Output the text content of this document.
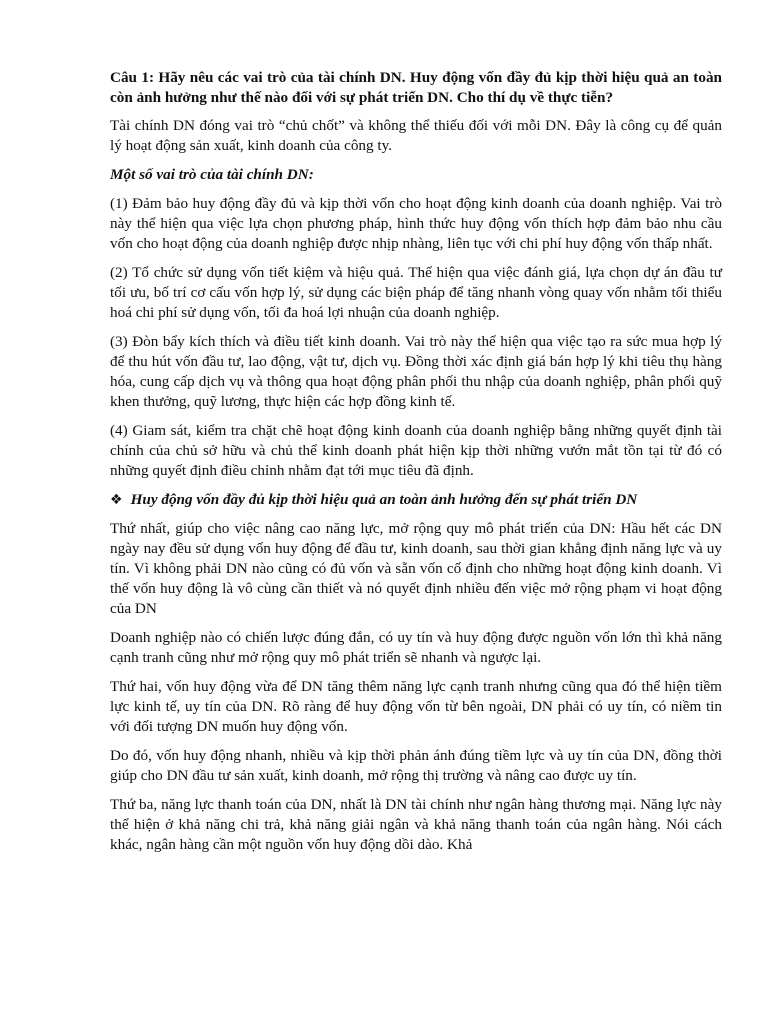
Câu 1: Hãy nêu các vai trò của tài chính DN. Huy động vốn đầy đủ kịp thời hiệu quả an toàn còn ảnh hưởng như thế nào đối với sự phát triển DN. Cho thí dụ về thực tiễn?

Tài chính DN đóng vai trò “chủ chốt” và không thể thiếu đối với mỗi DN. Đây là công cụ để quản lý hoạt động sản xuất, kinh doanh của công ty.

Một số vai trò của tài chính DN:

(1) Đảm bảo huy động đầy đủ và kịp thời vốn cho hoạt động kinh doanh của doanh nghiệp. Vai trò này thể hiện qua việc lựa chọn phương pháp, hình thức huy động vốn thích hợp đảm bảo nhu cầu vốn cho hoạt động của doanh nghiệp được nhịp nhàng, liên tục với chi phí huy động vốn thấp nhất.

(2) Tổ chức sử dụng vốn tiết kiệm và hiệu quả. Thể hiện qua việc đánh giá, lựa chọn dự án đầu tư tối ưu, bố trí cơ cấu vốn hợp lý, sử dụng các biện pháp để tăng nhanh vòng quay vốn nhằm tối thiểu hoá chi phí sử dụng vốn, tối đa hoá lợi nhuận của doanh nghiệp.

(3) Đòn bẩy kích thích và điều tiết kinh doanh. Vai trò này thể hiện qua việc tạo ra sức mua hợp lý để thu hút vốn đầu tư, lao động, vật tư, dịch vụ. Đồng thời xác định giá bán hợp lý khi tiêu thụ hàng hóa, cung cấp dịch vụ và thông qua hoạt động phân phối thu nhập của doanh nghiệp, phân phối quỹ khen thưởng, quỹ lương, thực hiện các hợp đồng kinh tế.

(4) Giam sát, kiểm tra chặt chẽ hoạt động kinh doanh của doanh nghiệp bằng những quyết định tài chính của chủ sở hữu và chủ thể kinh doanh phát hiện kịp thời những vướn mắt tồn tại từ đó có những quyết định điều chỉnh nhằm đạt tới mục tiêu đã định.

❖ Huy động vốn đầy đủ kịp thời hiệu quả an toàn ảnh hưởng đến sự phát triển DN

Thứ nhất, giúp cho việc nâng cao năng lực, mở rộng quy mô phát triển của DN: Hầu hết các DN ngày nay đều sử dụng vốn huy động để đầu tư, kinh doanh, sau thời gian khẳng định năng lực và uy tín. Vì không phải DN nào cũng có đủ vốn và sẵn vốn cố định cho những hoạt động kinh doanh. Vì thế vốn huy động là vô cùng cần thiết và nó quyết định nhiều đến việc mở rộng phạm vi hoạt động của DN

Doanh nghiệp nào có chiến lược đúng đắn, có uy tín và huy động được nguồn vốn lớn thì khả năng cạnh tranh cũng như mở rộng quy mô phát triển sẽ nhanh và ngược lại.

Thứ hai, vốn huy động vừa để DN tăng thêm năng lực cạnh tranh nhưng cũng qua đó thể hiện tiềm lực kinh tế, uy tín của DN. Rõ ràng để huy động vốn từ bên ngoài, DN phải có uy tín, có niềm tin với đối tượng DN muốn huy động vốn.

Do đó, vốn huy động nhanh, nhiều và kịp thời phản ánh đúng tiềm lực và uy tín của DN, đồng thời giúp cho DN đầu tư sản xuất, kinh doanh, mở rộng thị trường và nâng cao được uy tín.

Thứ ba, năng lực thanh toán của DN, nhất là DN tài chính như ngân hàng thương mại. Năng lực này thể hiện ở khả năng chi trả, khả năng giải ngân và khả năng thanh toán của ngân hàng. Nói cách khác, ngân hàng cần một nguồn vốn huy động dồi dào. Khả
